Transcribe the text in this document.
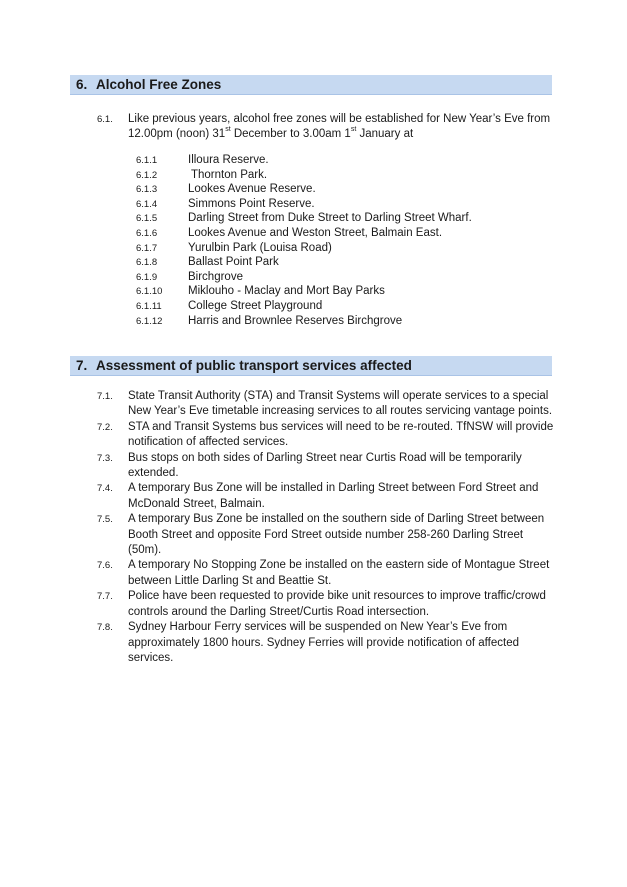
6. Alcohol Free Zones
6.1.	Like previous years, alcohol free zones will be established for New Year’s Eve from 12.00pm (noon) 31st December to 3.00am 1st January at
6.1.1	Illoura Reserve.
6.1.2	Thornton Park.
6.1.3	Lookes Avenue Reserve.
6.1.4	Simmons Point Reserve.
6.1.5	Darling Street from Duke Street to Darling Street Wharf.
6.1.6	Lookes Avenue and Weston Street, Balmain East.
6.1.7	Yurulbin Park (Louisa Road)
6.1.8	Ballast Point Park
6.1.9	Birchgrove
6.1.10 Miklouho - Maclay and Mort Bay Parks
6.1.11 College Street Playground
6.1.12 Harris and Brownlee Reserves Birchgrove
7. Assessment of public transport services affected
7.1. State Transit Authority (STA) and Transit Systems will operate services to a special New Year’s Eve timetable increasing services to all routes servicing vantage points.
7.2. STA and Transit Systems bus services will need to be re-routed. TfNSW will provide notification of affected services.
7.3. Bus stops on both sides of Darling Street near Curtis Road will be temporarily extended.
7.4. A temporary Bus Zone will be installed in Darling Street between Ford Street and McDonald Street, Balmain.
7.5. A temporary Bus Zone be installed on the southern side of Darling Street between Booth Street and opposite Ford Street outside number 258-260 Darling Street (50m).
7.6. A temporary No Stopping Zone be installed on the eastern side of Montague Street between Little Darling St and Beattie St.
7.7. Police have been requested to provide bike unit resources to improve traffic/crowd controls around the Darling Street/Curtis Road intersection.
7.8. Sydney Harbour Ferry services will be suspended on New Year’s Eve from approximately 1800 hours. Sydney Ferries will provide notification of affected services.
